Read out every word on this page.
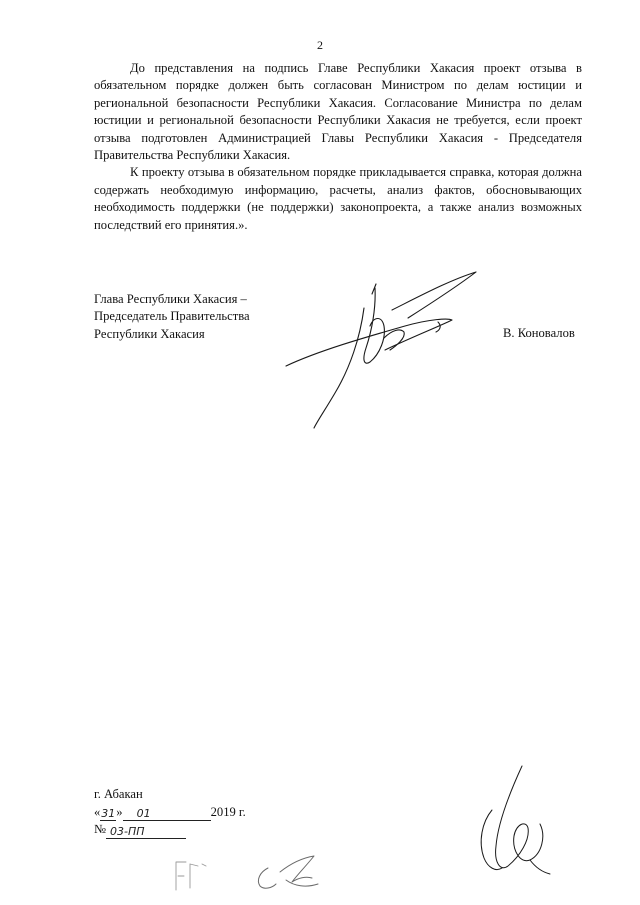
2

До представления на подпись Главе Республики Хакасия проект отзыва в обязательном порядке должен быть согласован Министром по делам юстиции и региональной безопасности Республики Хакасия. Согласование Министра по делам юстиции и региональной безопасности Республики Хакасия не требуется, если проект отзыва подготовлен Администрацией Главы Республики Хакасия - Председателя Правительства Республики Хакасия.

К проекту отзыва в обязательном порядке прикладывается справка, которая должна содержать необходимую информацию, расчеты, анализ фактов, обосновывающих необходимость поддержки (не поддержки) законопроекта, а также анализ возможных последствий его принятия.».

Глава Республики Хакасия –
Председатель Правительства
Республики Хакасия	В. Коновалов
г. Абакан
« 31 »	01	2019 г.
№ 03-ПП
